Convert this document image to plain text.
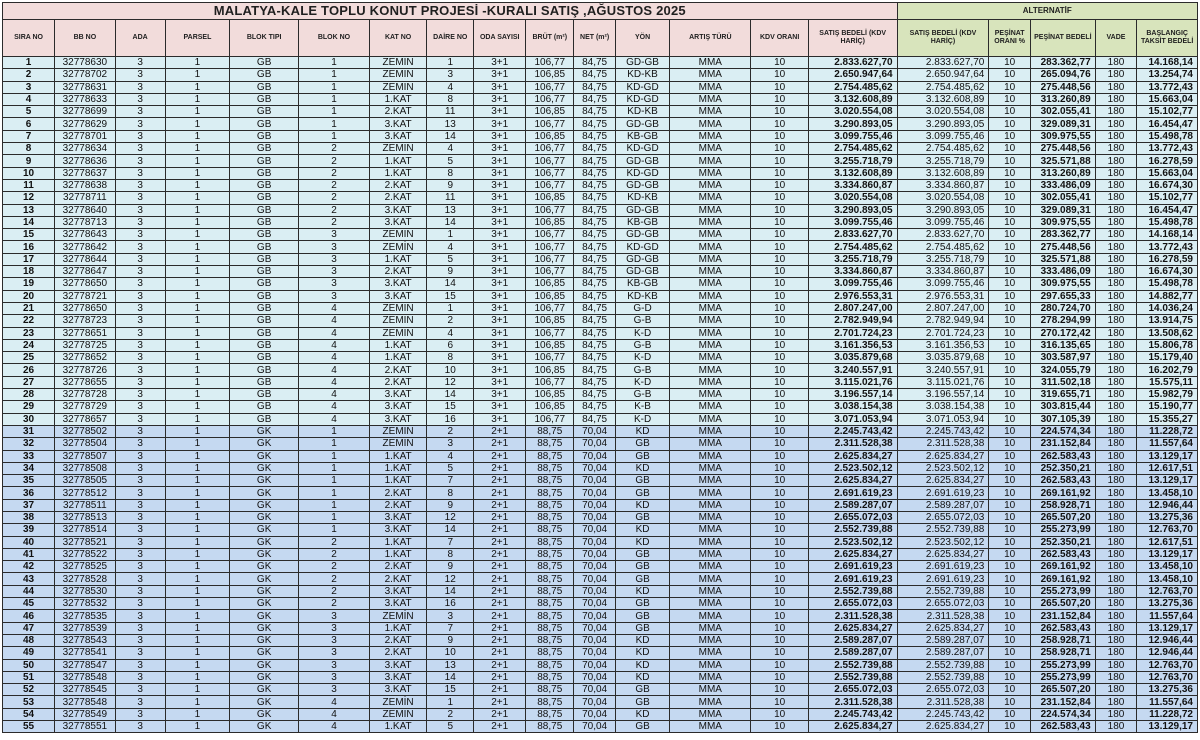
MALATYA-KALE TOPLU KONUT PROJESİ -KURALI SATIŞ ,AĞUSTOS 2025															ALTERNATİF				
SIRA NO	BB NO	ADA	PARSEL	BLOK TIPI	BLOK NO	KAT NO	DAİRE NO	ODA SAYISI	BRÜT (m²)	NET (m²)	YÖN	ARTIŞ TÜRÜ	KDV ORANI	SATIŞ BEDELİ (KDV HARİÇ)	SATIŞ BEDELİ (KDV HARİÇ)	PEŞİNAT ORANI %	PEŞİNAT BEDELİ	VADE	BAŞLANGIÇ TAKSİT BEDELİ
1	32778630	3	1	GB	1	ZEMİN	1	3+1	106,77	84,75	GD-GB	MMA	10	2.833.627,70	2.833.627,70	10	283.362,77	180	14.168,14
2	32778702	3	1	GB	1	ZEMİN	3	3+1	106,85	84,75	KD-KB	MMA	10	2.650.947,64	2.650.947,64	10	265.094,76	180	13.254,74
3	32778631	3	1	GB	1	ZEMİN	4	3+1	106,77	84,75	KD-GD	MMA	10	2.754.485,62	2.754.485,62	10	275.448,56	180	13.772,43
4	32778633	3	1	GB	1	1.KAT	8	3+1	106,77	84,75	KD-GD	MMA	10	3.132.608,89	3.132.608,89	10	313.260,89	180	15.663,04
5	32778699	3	1	GB	1	2.KAT	11	3+1	106,85	84,75	KD-KB	MMA	10	3.020.554,08	3.020.554,08	10	302.055,41	180	15.102,77
6	32778629	3	1	GB	1	3.KAT	13	3+1	106,77	84,75	GD-GB	MMA	10	3.290.893,05	3.290.893,05	10	329.089,31	180	16.454,47
7	32778701	3	1	GB	1	3.KAT	14	3+1	106,85	84,75	KB-GB	MMA	10	3.099.755,46	3.099.755,46	10	309.975,55	180	15.498,78
8	32778634	3	1	GB	2	ZEMİN	4	3+1	106,77	84,75	KD-GD	MMA	10	2.754.485,62	2.754.485,62	10	275.448,56	180	13.772,43
9	32778636	3	1	GB	2	1.KAT	5	3+1	106,77	84,75	GD-GB	MMA	10	3.255.718,79	3.255.718,79	10	325.571,88	180	16.278,59
10	32778637	3	1	GB	2	1.KAT	8	3+1	106,77	84,75	KD-GD	MMA	10	3.132.608,89	3.132.608,89	10	313.260,89	180	15.663,04
11	32778638	3	1	GB	2	2.KAT	9	3+1	106,77	84,75	GD-GB	MMA	10	3.334.860,87	3.334.860,87	10	333.486,09	180	16.674,30
12	32778711	3	1	GB	2	2.KAT	11	3+1	106,85	84,75	KD-KB	MMA	10	3.020.554,08	3.020.554,08	10	302.055,41	180	15.102,77
13	32778640	3	1	GB	2	3.KAT	13	3+1	106,77	84,75	GD-GB	MMA	10	3.290.893,05	3.290.893,05	10	329.089,31	180	16.454,47
14	32778713	3	1	GB	2	3.KAT	14	3+1	106,85	84,75	KB-GB	MMA	10	3.099.755,46	3.099.755,46	10	309.975,55	180	15.498,78
15	32778643	3	1	GB	3	ZEMİN	1	3+1	106,77	84,75	GD-GB	MMA	10	2.833.627,70	2.833.627,70	10	283.362,77	180	14.168,14
16	32778642	3	1	GB	3	ZEMİN	4	3+1	106,77	84,75	KD-GD	MMA	10	2.754.485,62	2.754.485,62	10	275.448,56	180	13.772,43
17	32778644	3	1	GB	3	1.KAT	5	3+1	106,77	84,75	GD-GB	MMA	10	3.255.718,79	3.255.718,79	10	325.571,88	180	16.278,59
18	32778647	3	1	GB	3	2.KAT	9	3+1	106,77	84,75	GD-GB	MMA	10	3.334.860,87	3.334.860,87	10	333.486,09	180	16.674,30
19	32778650	3	1	GB	3	3.KAT	14	3+1	106,85	84,75	KB-GB	MMA	10	3.099.755,46	3.099.755,46	10	309.975,55	180	15.498,78
20	32778721	3	1	GB	3	3.KAT	15	3+1	106,85	84,75	KD-KB	MMA	10	2.976.553,31	2.976.553,31	10	297.655,33	180	14.882,77
21	32778650	3	1	GB	4	ZEMİN	1	3+1	106,77	84,75	G-D	MMA	10	2.807.247,00	2.807.247,00	10	280.724,70	180	14.036,24
22	32778723	3	1	GB	4	ZEMİN	2	3+1	106,85	84,75	G-B	MMA	10	2.782.949,94	2.782.949,94	10	278.294,99	180	13.914,75
23	32778651	3	1	GB	4	ZEMİN	4	3+1	106,77	84,75	K-D	MMA	10	2.701.724,23	2.701.724,23	10	270.172,42	180	13.508,62
24	32778725	3	1	GB	4	1.KAT	6	3+1	106,85	84,75	G-B	MMA	10	3.161.356,53	3.161.356,53	10	316.135,65	180	15.806,78
25	32778652	3	1	GB	4	1.KAT	8	3+1	106,77	84,75	K-D	MMA	10	3.035.879,68	3.035.879,68	10	303.587,97	180	15.179,40
26	32778726	3	1	GB	4	2.KAT	10	3+1	106,85	84,75	G-B	MMA	10	3.240.557,91	3.240.557,91	10	324.055,79	180	16.202,79
27	32778655	3	1	GB	4	2.KAT	12	3+1	106,77	84,75	K-D	MMA	10	3.115.021,76	3.115.021,76	10	311.502,18	180	15.575,11
28	32778728	3	1	GB	4	3.KAT	14	3+1	106,85	84,75	G-B	MMA	10	3.196.557,14	3.196.557,14	10	319.655,71	180	15.982,79
29	32778729	3	1	GB	4	3.KAT	15	3+1	106,85	84,75	K-B	MMA	10	3.038.154,38	3.038.154,38	10	303.815,44	180	15.190,77
30	32778657	3	1	GB	4	3.KAT	16	3+1	106,77	84,75	K-D	MMA	10	3.071.053,94	3.071.053,94	10	307.105,39	180	15.355,27
31	32778502	3	1	GK	1	ZEMİN	2	2+1	88,75	70,04	KD	MMA	10	2.245.743,42	2.245.743,42	10	224.574,34	180	11.228,72
32	32778504	3	1	GK	1	ZEMİN	3	2+1	88,75	70,04	GB	MMA	10	2.311.528,38	2.311.528,38	10	231.152,84	180	11.557,64
33	32778507	3	1	GK	1	1.KAT	4	2+1	88,75	70,04	GB	MMA	10	2.625.834,27	2.625.834,27	10	262.583,43	180	13.129,17
34	32778508	3	1	GK	1	1.KAT	5	2+1	88,75	70,04	KD	MMA	10	2.523.502,12	2.523.502,12	10	252.350,21	180	12.617,51
35	32778505	3	1	GK	1	1.KAT	7	2+1	88,75	70,04	GB	MMA	10	2.625.834,27	2.625.834,27	10	262.583,43	180	13.129,17
36	32778512	3	1	GK	1	2.KAT	8	2+1	88,75	70,04	GB	MMA	10	2.691.619,23	2.691.619,23	10	269.161,92	180	13.458,10
37	32778511	3	1	GK	1	2.KAT	9	2+1	88,75	70,04	KD	MMA	10	2.589.287,07	2.589.287,07	10	258.928,71	180	12.946,44
38	32778513	3	1	GK	1	3.KAT	12	2+1	88,75	70,04	GB	MMA	10	2.655.072,03	2.655.072,03	10	265.507,20	180	13.275,36
39	32778514	3	1	GK	1	3.KAT	14	2+1	88,75	70,04	KD	MMA	10	2.552.739,88	2.552.739,88	10	255.273,99	180	12.763,70
40	32778521	3	1	GK	2	1.KAT	7	2+1	88,75	70,04	KD	MMA	10	2.523.502,12	2.523.502,12	10	252.350,21	180	12.617,51
41	32778522	3	1	GK	2	1.KAT	8	2+1	88,75	70,04	GB	MMA	10	2.625.834,27	2.625.834,27	10	262.583,43	180	13.129,17
42	32778525	3	1	GK	2	2.KAT	9	2+1	88,75	70,04	GB	MMA	10	2.691.619,23	2.691.619,23	10	269.161,92	180	13.458,10
43	32778528	3	1	GK	2	2.KAT	12	2+1	88,75	70,04	GB	MMA	10	2.691.619,23	2.691.619,23	10	269.161,92	180	13.458,10
44	32778530	3	1	GK	2	3.KAT	14	2+1	88,75	70,04	KD	MMA	10	2.552.739,88	2.552.739,88	10	255.273,99	180	12.763,70
45	32778532	3	1	GK	2	3.KAT	16	2+1	88,75	70,04	GB	MMA	10	2.655.072,03	2.655.072,03	10	265.507,20	180	13.275,36
46	32778535	3	1	GK	3	ZEMİN	3	2+1	88,75	70,04	GB	MMA	10	2.311.528,38	2.311.528,38	10	231.152,84	180	11.557,64
47	32778539	3	1	GK	3	1.KAT	7	2+1	88,75	70,04	GB	MMA	10	2.625.834,27	2.625.834,27	10	262.583,43	180	13.129,17
48	32778543	3	1	GK	3	2.KAT	9	2+1	88,75	70,04	KD	MMA	10	2.589.287,07	2.589.287,07	10	258.928,71	180	12.946,44
49	32778541	3	1	GK	3	2.KAT	10	2+1	88,75	70,04	KD	MMA	10	2.589.287,07	2.589.287,07	10	258.928,71	180	12.946,44
50	32778547	3	1	GK	3	3.KAT	13	2+1	88,75	70,04	KD	MMA	10	2.552.739,88	2.552.739,88	10	255.273,99	180	12.763,70
51	32778548	3	1	GK	3	3.KAT	14	2+1	88,75	70,04	KD	MMA	10	2.552.739,88	2.552.739,88	10	255.273,99	180	12.763,70
52	32778545	3	1	GK	3	3.KAT	15	2+1	88,75	70,04	GB	MMA	10	2.655.072,03	2.655.072,03	10	265.507,20	180	13.275,36
53	32778548	3	1	GK	4	ZEMİN	1	2+1	88,75	70,04	GB	MMA	10	2.311.528,38	2.311.528,38	10	231.152,84	180	11.557,64
54	32778549	3	1	GK	4	ZEMİN	2	2+1	88,75	70,04	KD	MMA	10	2.245.743,42	2.245.743,42	10	224.574,34	180	11.228,72
55	32778551	3	1	GK	4	1.KAT	5	2+1	88,75	70,04	GB	MMA	10	2.625.834,27	2.625.834,27	10	262.583,43	180	13.129,17
